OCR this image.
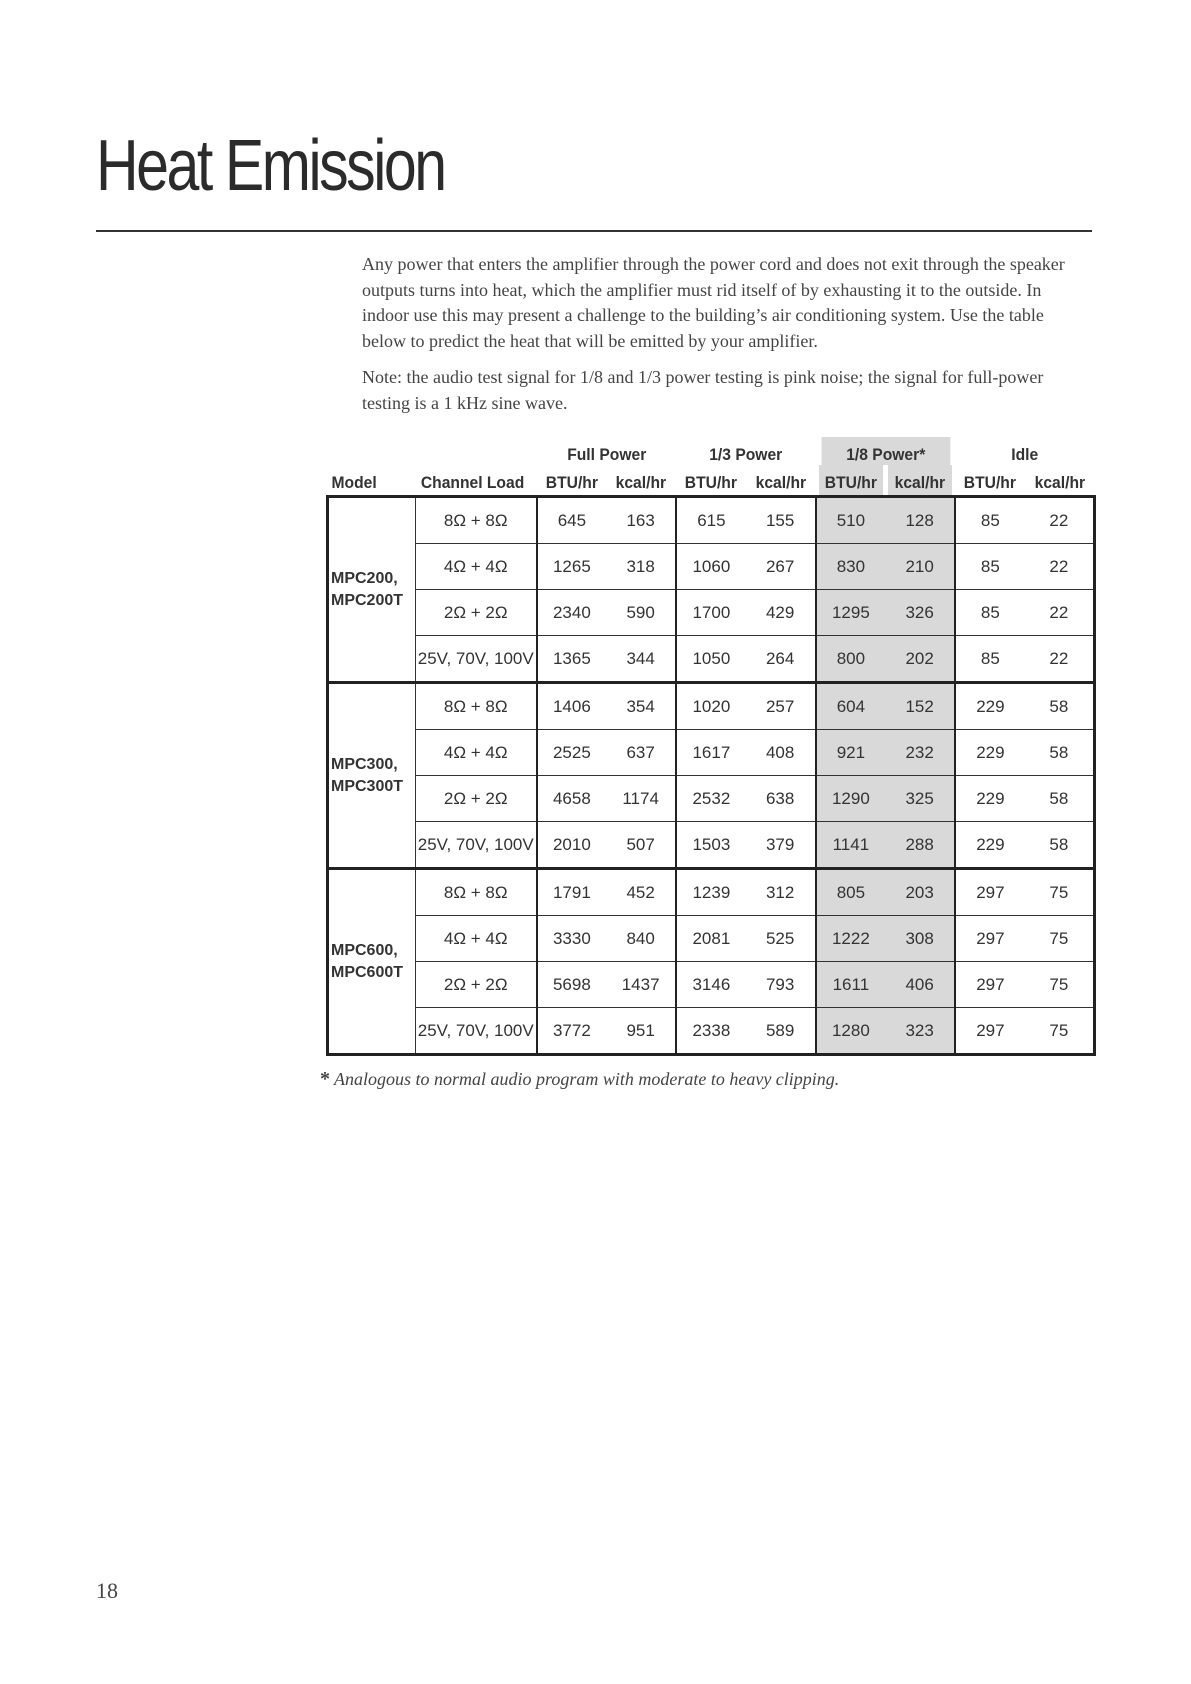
Heat Emission

Any power that enters the amplifier through the power cord and does not exit through the speaker outputs turns into heat, which the amplifier must rid itself of by exhausting it to the outside. In indoor use this may present a challenge to the building’s air conditioning system. Use the table below to predict the heat that will be emitted by your amplifier.

Note: the audio test signal for 1/8 and 1/3 power testing is pink noise; the signal for full-power testing is a 1 kHz sine wave.

		Full Power		1/3 Power		1/8 Power*		Idle	
Model	Channel Load	BTU/hr	kcal/hr	BTU/hr	kcal/hr	BTU/hr	kcal/hr	BTU/hr	kcal/hr

MPC200,
MPC200T	8Ω + 8Ω	645	163	615	155	510	128	85	22
	4Ω + 4Ω	1265	318	1060	267	830	210	85	22
	2Ω + 2Ω	2340	590	1700	429	1295	326	85	22
	25V, 70V, 100V	1365	344	1050	264	800	202	85	22

MPC300,
MPC300T	8Ω + 8Ω	1406	354	1020	257	604	152	229	58
	4Ω + 4Ω	2525	637	1617	408	921	232	229	58
	2Ω + 2Ω	4658	1174	2532	638	1290	325	229	58
	25V, 70V, 100V	2010	507	1503	379	1141	288	229	58

MPC600,
MPC600T	8Ω + 8Ω	1791	452	1239	312	805	203	297	75
	4Ω + 4Ω	3330	840	2081	525	1222	308	297	75
	2Ω + 2Ω	5698	1437	3146	793	1611	406	297	75
	25V, 70V, 100V	3772	951	2338	589	1280	323	297	75
* Analogous to normal audio program with moderate to heavy clipping.
18
